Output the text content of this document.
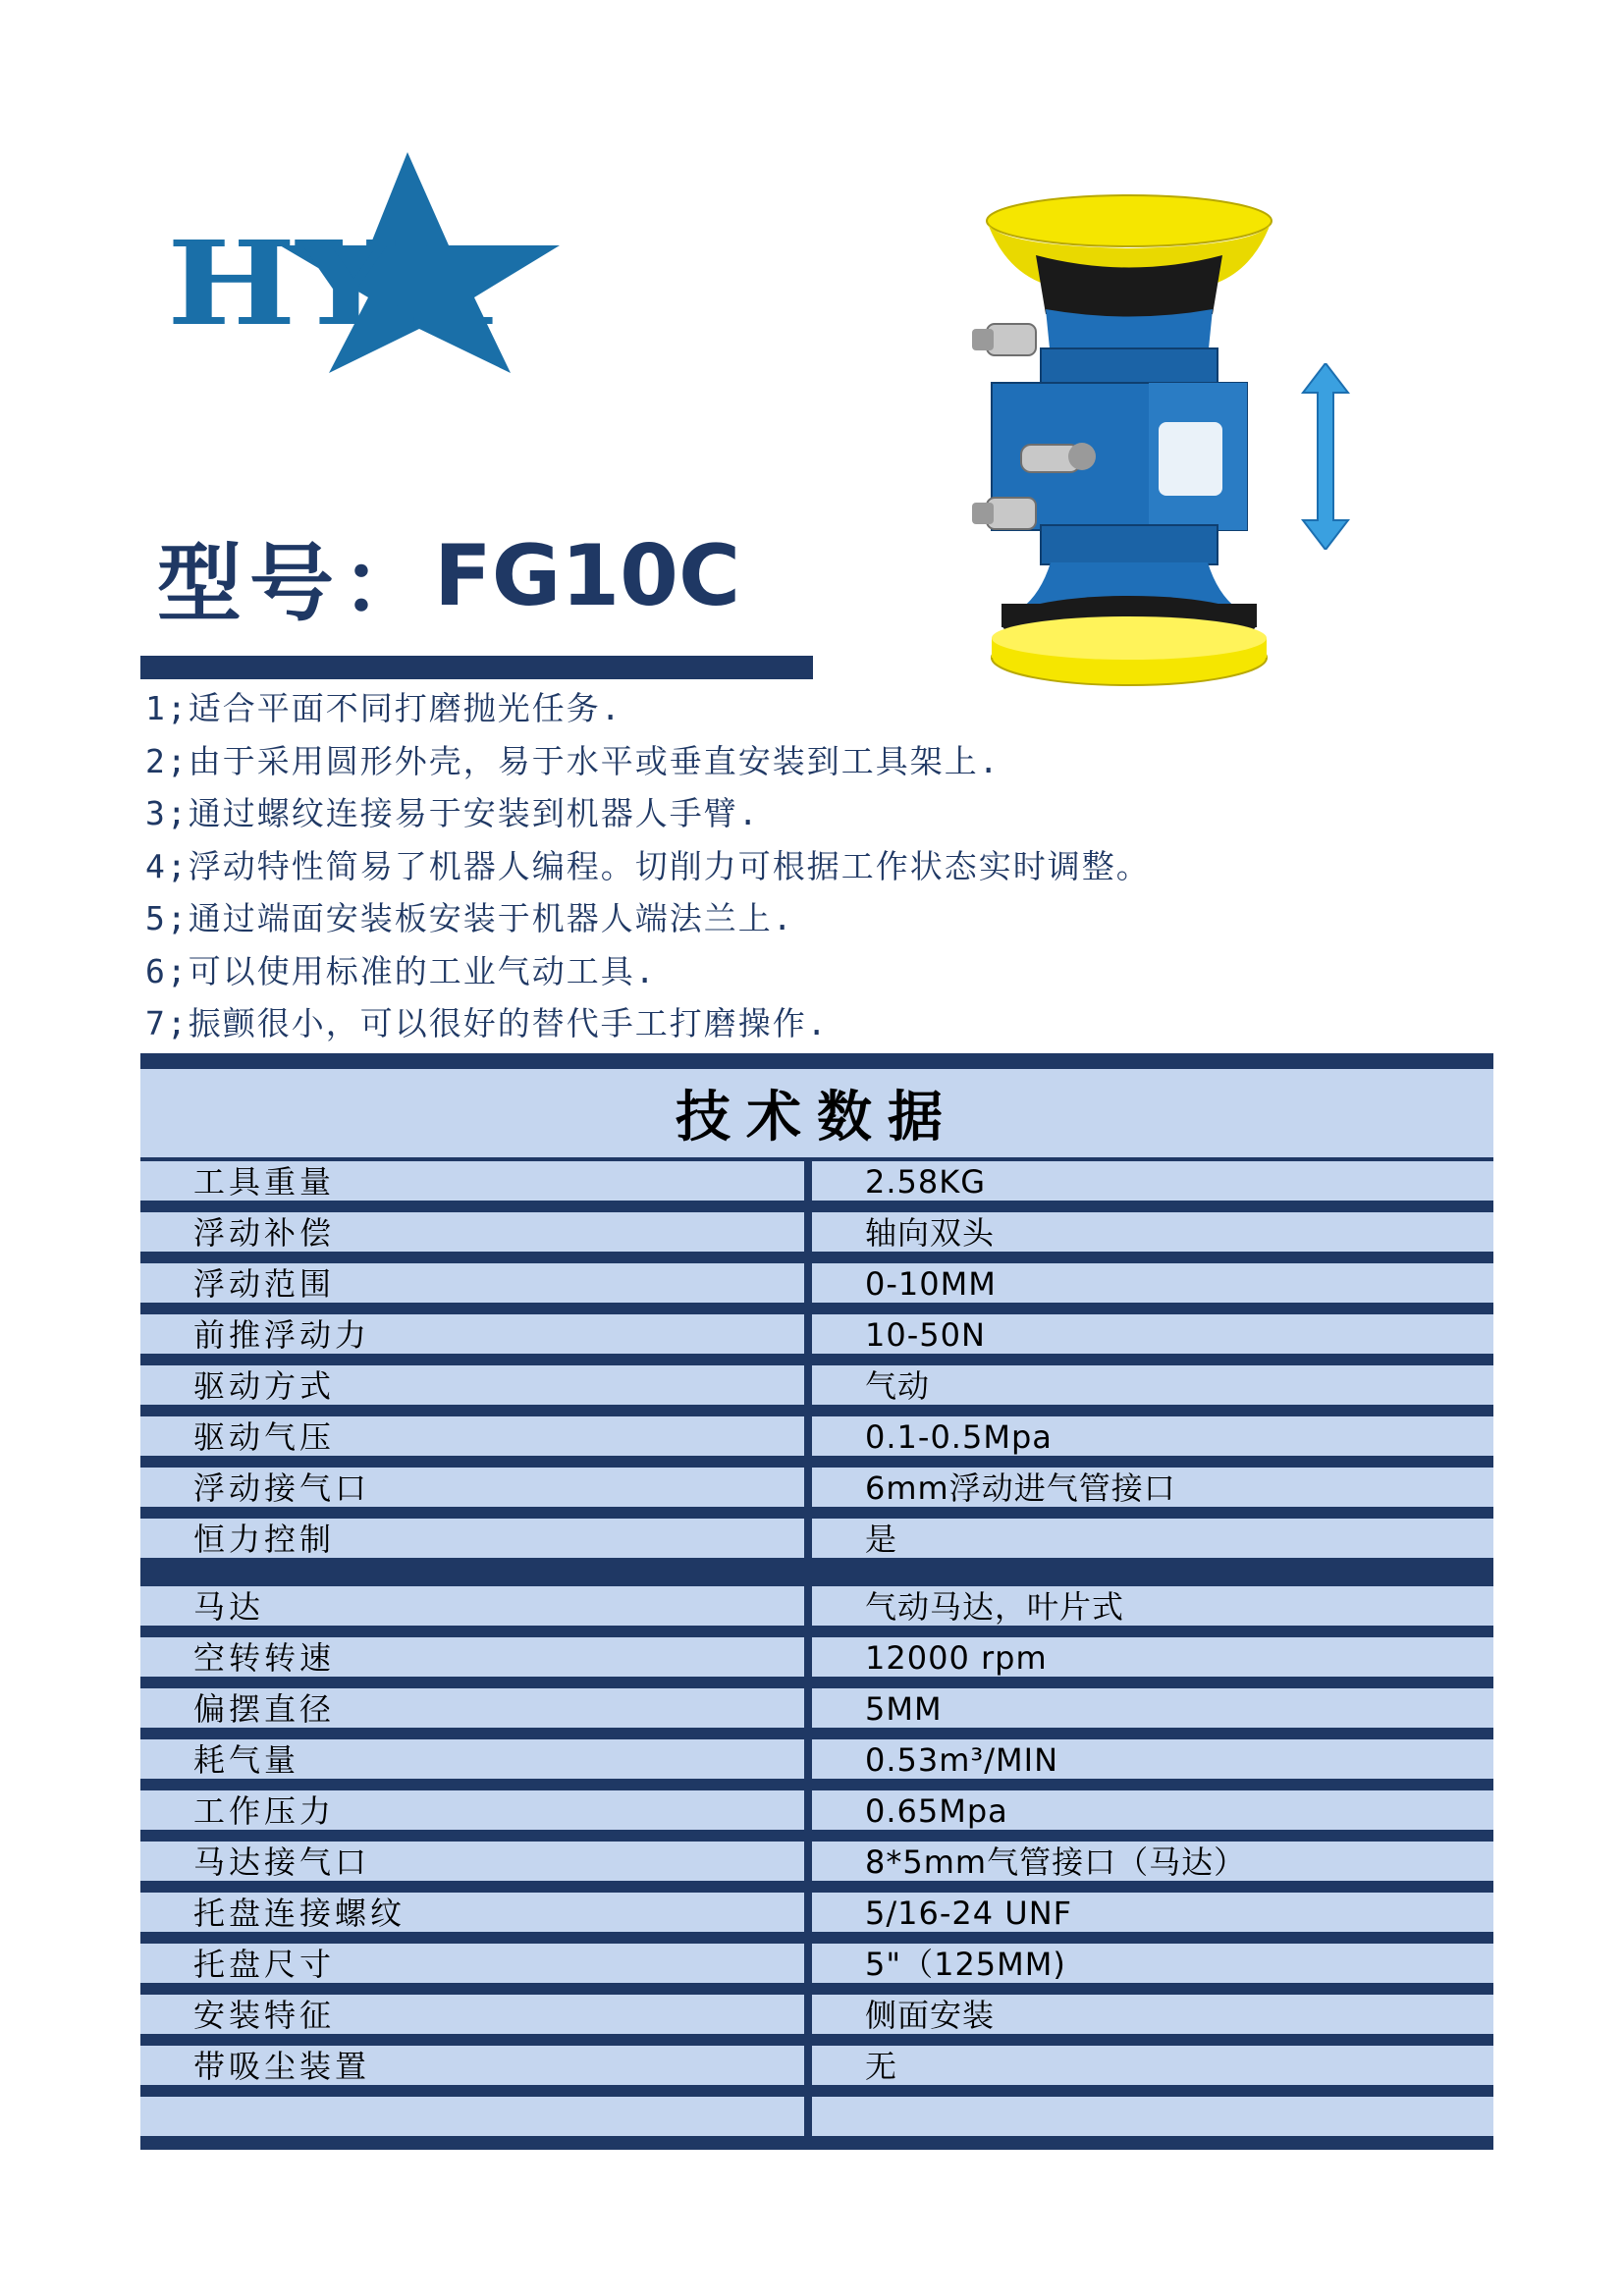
HYA
型号：FG10C
1;适合平面不同打磨抛光任务.
2;由于采用圆形外壳，易于水平或垂直安装到工具架上.
3;通过螺纹连接易于安装到机器人手臂.
4;浮动特性简易了机器人编程。切削力可根据工作状态实时调整。
5;通过端面安装板安装于机器人端法兰上.
6;可以使用标准的工业气动工具.
7;振颤很小，可以很好的替代手工打磨操作.
技术数据
工具重量	2.58KG
浮动补偿	轴向双头
浮动范围	0-10MM
前推浮动力	10-50N
驱动方式	气动
驱动气压	0.1-0.5Mpa
浮动接气口	6mm浮动进气管接口
恒力控制	是
马达	气动马达，叶片式
空转转速	12000 rpm
偏摆直径	5MM
耗气量	0.53m³/MIN
工作压力	0.65Mpa
马达接气口	8*5mm气管接口（马达）
托盘连接螺纹	5/16-24 UNF
托盘尺寸	5"（125MM)
安装特征	侧面安装
带吸尘装置	无
